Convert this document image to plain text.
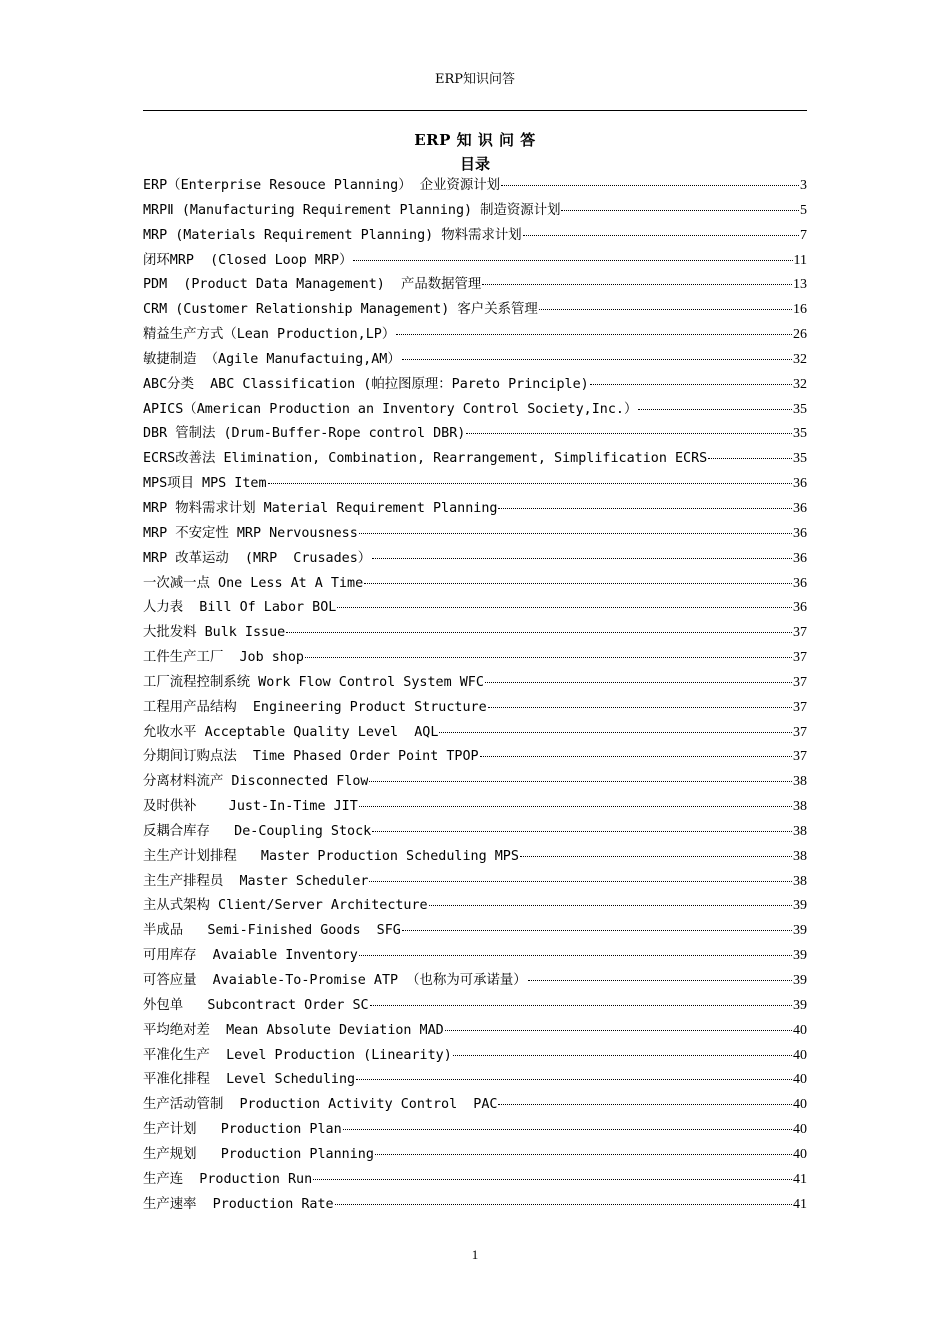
ERP知识问答
ERP 知 识 问 答
目录
ERP（Enterprise Resouce Planning） 企业资源计划	3
MRPⅡ (Manufacturing Requirement Planning) 制造资源计划	5
MRP (Materials Requirement Planning) 物料需求计划	7
闭环MRP  (Closed Loop MRP）	11
PDM  (Product Data Management)  产品数据管理	13
CRM (Customer Relationship Management) 客户关系管理	16
精益生产方式（Lean Production,LP）	26
敏捷制造 （Agile Manufactuing,AM）	32
ABC分类  ABC Classification (帕拉图原理：Pareto Principle)	32
APICS（American Production an Inventory Control Society,Inc.）	35
DBR 管制法 (Drum-Buffer-Rope control DBR)	35
ECRS改善法 Elimination, Combination, Rearrangement, Simplification ECRS	35
MPS项目 MPS Item	36
MRP 物料需求计划 Material Requirement Planning	36
MRP 不安定性 MRP Nervousness	36
MRP 改革运动  (MRP  Crusades）	36
一次减一点 One Less At A Time	36
人力表  Bill Of Labor BOL	36
大批发料 Bulk Issue	37
工件生产工厂  Job shop	37
工厂流程控制系统 Work Flow Control System WFC	37
工程用产品结构  Engineering Product Structure	37
允收水平 Acceptable Quality Level  AQL	37
分期间订购点法  Time Phased Order Point TPOP	37
分离材料流产 Disconnected Flow	38
及时供补    Just-In-Time JIT	38
反耦合库存   De-Coupling Stock	38
主生产计划排程   Master Production Scheduling MPS	38
主生产排程员  Master Scheduler	38
主从式架构 Client/Server Architecture	39
半成品   Semi-Finished Goods  SFG	39
可用库存  Avaiable Inventory	39
可答应量  Avaiable-To-Promise ATP （也称为可承诺量）	39
外包单   Subcontract Order SC	39
平均绝对差  Mean Absolute Deviation MAD	40
平准化生产  Level Production (Linearity)	40
平准化排程  Level Scheduling	40
生产活动管制  Production Activity Control  PAC	40
生产计划   Production Plan	40
生产规划   Production Planning	40
生产连  Production Run	41
生产速率  Production Rate	41
1
